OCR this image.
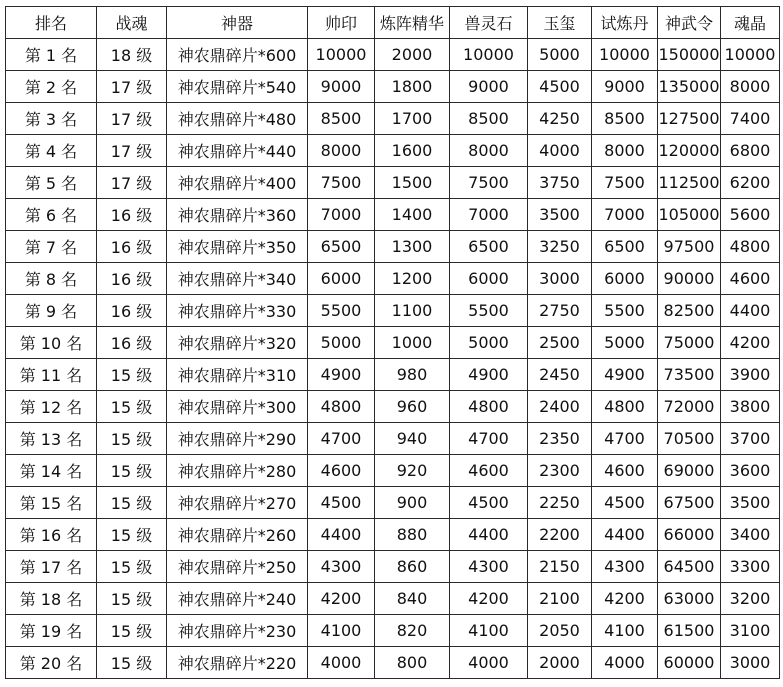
排名	战魂	神器	帅印	炼阵精华	兽灵石	玉玺	试炼丹	神武令	魂晶
第 1 名	18 级	神农鼎碎片*600	10000	2000	10000	5000	10000	150000	10000
第 2 名	17 级	神农鼎碎片*540	9000	1800	9000	4500	9000	135000	8000
第 3 名	17 级	神农鼎碎片*480	8500	1700	8500	4250	8500	127500	7400
第 4 名	17 级	神农鼎碎片*440	8000	1600	8000	4000	8000	120000	6800
第 5 名	17 级	神农鼎碎片*400	7500	1500	7500	3750	7500	112500	6200
第 6 名	16 级	神农鼎碎片*360	7000	1400	7000	3500	7000	105000	5600
第 7 名	16 级	神农鼎碎片*350	6500	1300	6500	3250	6500	97500	4800
第 8 名	16 级	神农鼎碎片*340	6000	1200	6000	3000	6000	90000	4600
第 9 名	16 级	神农鼎碎片*330	5500	1100	5500	2750	5500	82500	4400
第 10 名	16 级	神农鼎碎片*320	5000	1000	5000	2500	5000	75000	4200
第 11 名	15 级	神农鼎碎片*310	4900	980	4900	2450	4900	73500	3900
第 12 名	15 级	神农鼎碎片*300	4800	960	4800	2400	4800	72000	3800
第 13 名	15 级	神农鼎碎片*290	4700	940	4700	2350	4700	70500	3700
第 14 名	15 级	神农鼎碎片*280	4600	920	4600	2300	4600	69000	3600
第 15 名	15 级	神农鼎碎片*270	4500	900	4500	2250	4500	67500	3500
第 16 名	15 级	神农鼎碎片*260	4400	880	4400	2200	4400	66000	3400
第 17 名	15 级	神农鼎碎片*250	4300	860	4300	2150	4300	64500	3300
第 18 名	15 级	神农鼎碎片*240	4200	840	4200	2100	4200	63000	3200
第 19 名	15 级	神农鼎碎片*230	4100	820	4100	2050	4100	61500	3100
第 20 名	15 级	神农鼎碎片*220	4000	800	4000	2000	4000	60000	3000
